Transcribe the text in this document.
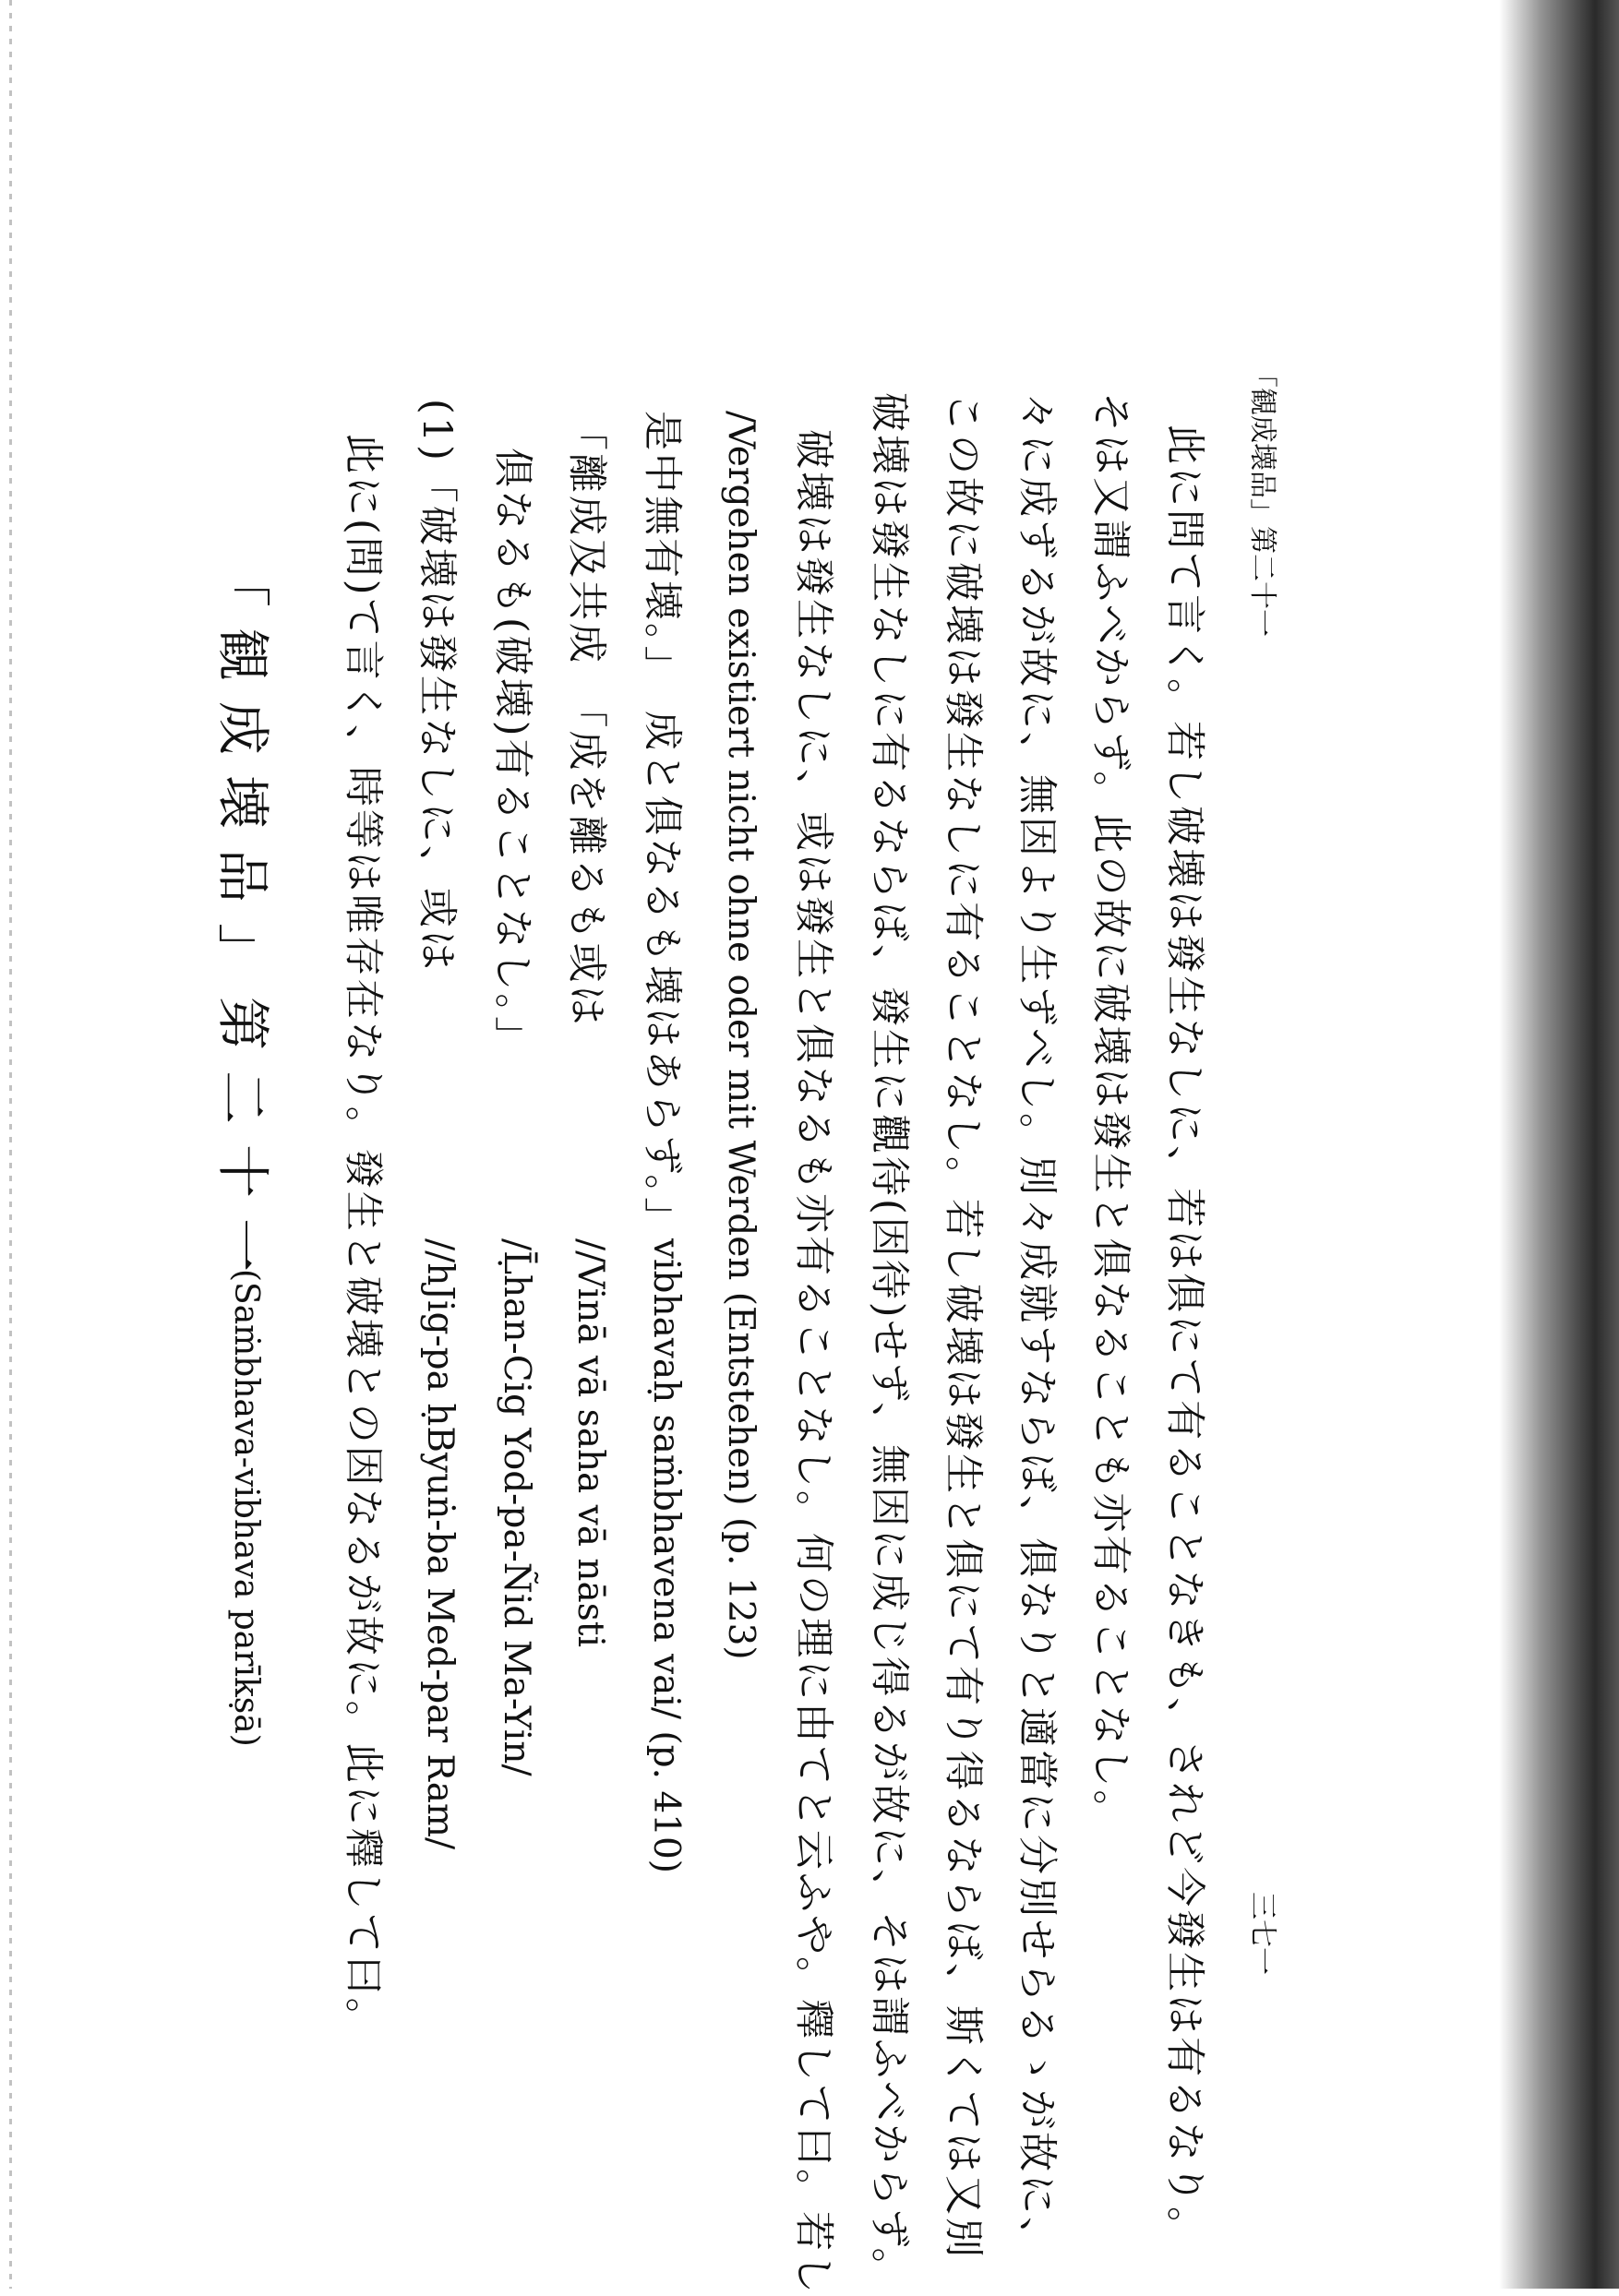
「観成壊品」第二十一
(Saṁbhava-vibhava parīkṣā) 此に(問)て言く、時等は唯存在なり。發生と破壊との因なるが故に。此に釋して曰。 //hJig-pa ḥByuṅ-ba Med-par Ram/
(1)「破壊は發生なしに、或は
/Ḹhan-Cig Yod-pa-Ñid Ma-Yin/
俱なるも(破壊)有ることなし。」
//Vinā vā saha vā nāsti
「離成及共成　「成を離るも或は
vibhavaḥ saṁbhavena vai/ (p. 410)
是中無有壊。」　成と俱なるも壊はあらず。」 /Vergehen existiert nicht ohne oder mit Werden (Entstehen) (p. 123) 破壊は發生なしに、或は發生と俱なるも亦有ることなし。何の理に由てと云ふや。釋して曰。若し 破壊は發生なしに有るならば、發生に觀待(因待)せず、無因に成じ得るが故に、そは謂ふべからず。 この故に破壊は發生なしに有ることなし。若し破壊は發生と俱にて有り得るならば、斯くては又別 々に成ずるが故に、無因より生ずべし。別々成就すならば、俱なりと適當に分別せらるゝが故に、 そは又謂ふべからず。此の故に破壊は發生と俱なることも亦有ることなし。 此に問て言く。若し破壊は發生なしに、若は俱にて有ることなきも、されど今發生は有るなり。 「観成壊品」第二十一
三七一
